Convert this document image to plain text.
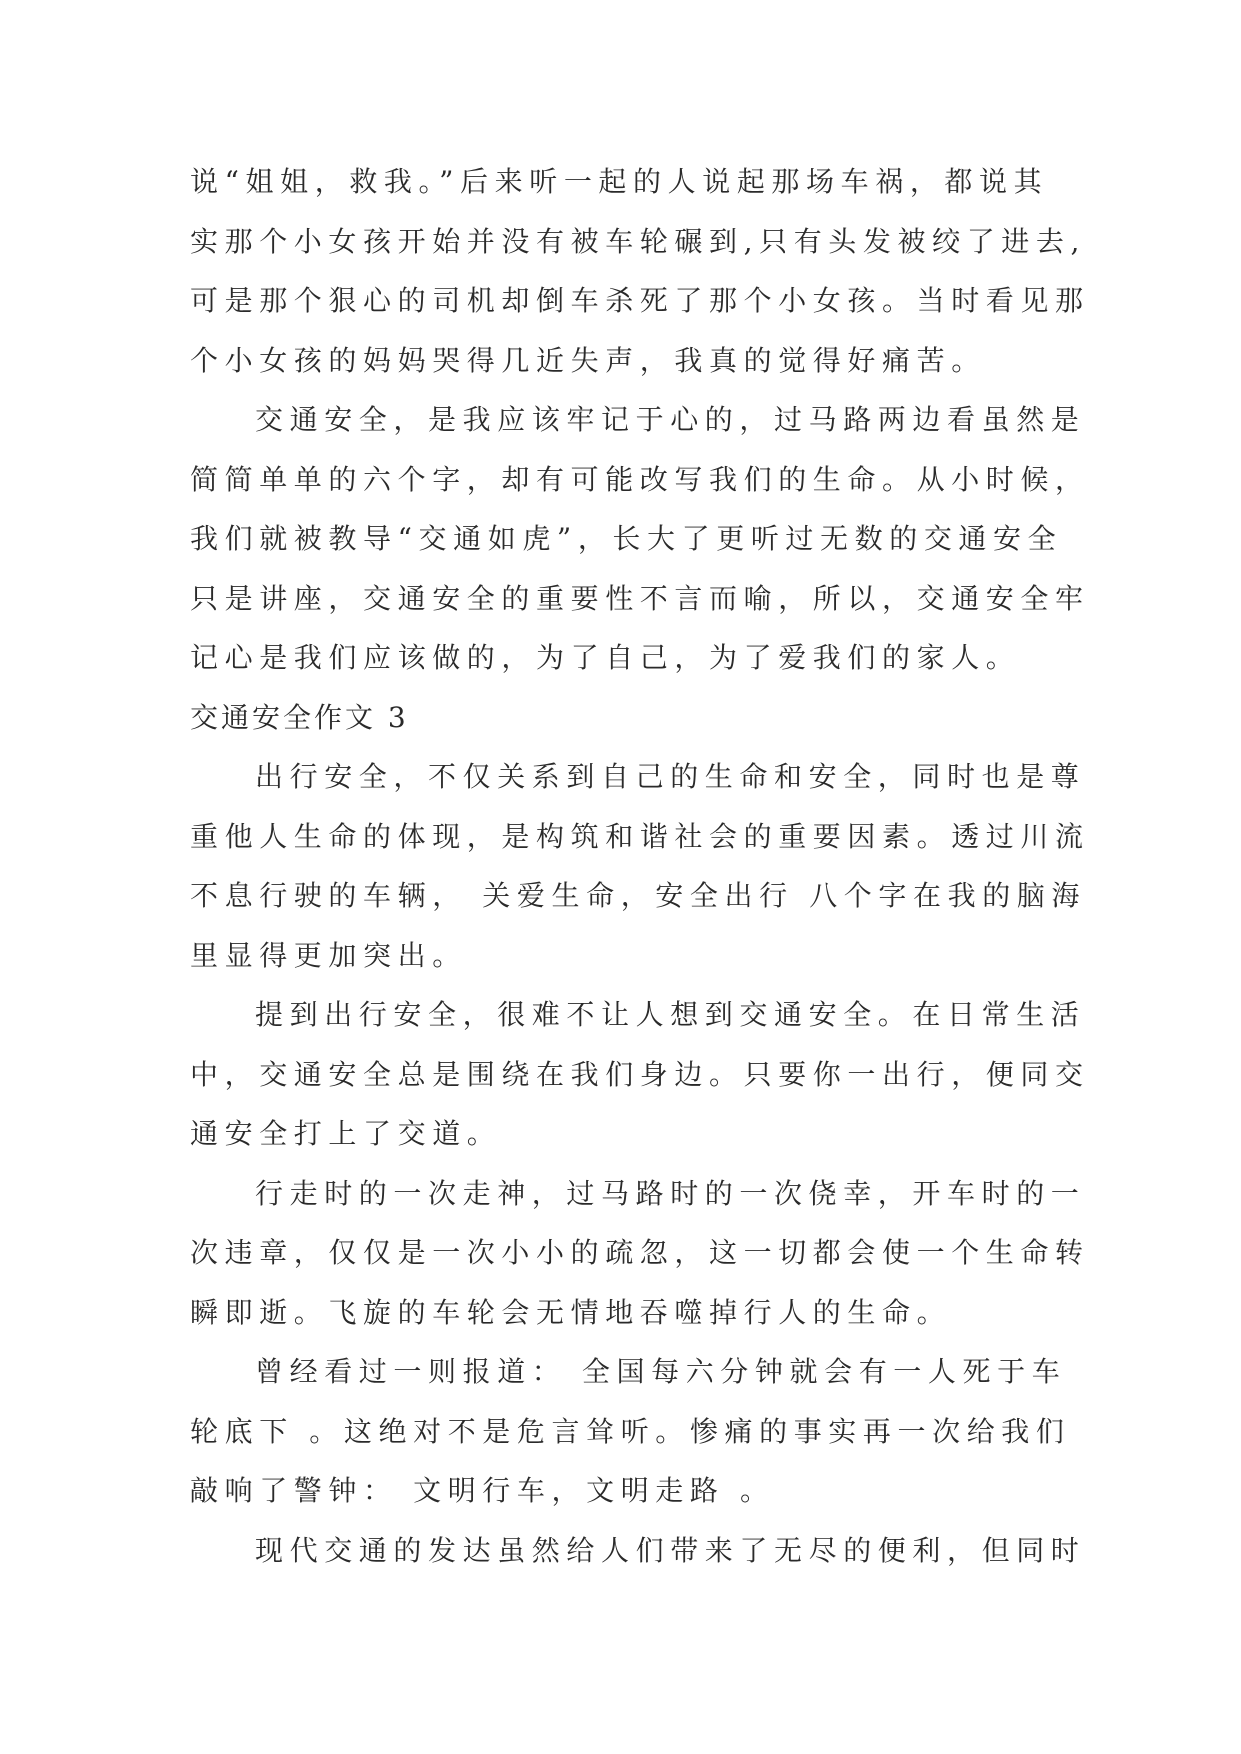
说“姐姐，救我。”后来听一起的人说起那场车祸，都说其
实那个小女孩开始并没有被车轮碾到,只有头发被绞了进去,
可是那个狠心的司机却倒车杀死了那个小女孩。当时看见那
个小女孩的妈妈哭得几近失声，我真的觉得好痛苦。
交通安全，是我应该牢记于心的，过马路两边看虽然是
简简单单的六个字，却有可能改写我们的生命。从小时候，
我们就被教导“交通如虎”，长大了更听过无数的交通安全
只是讲座，交通安全的重要性不言而喻，所以，交通安全牢
记心是我们应该做的，为了自己，为了爱我们的家人。
交通安全作文 3
出行安全，不仅关系到自己的生命和安全，同时也是尊
重他人生命的体现，是构筑和谐社会的重要因素。透过川流
不息行驶的车辆， 关爱生命，安全出行 八个字在我的脑海
里显得更加突出。
提到出行安全，很难不让人想到交通安全。在日常生活
中，交通安全总是围绕在我们身边。只要你一出行，便同交
通安全打上了交道。
行走时的一次走神，过马路时的一次侥幸，开车时的一
次违章，仅仅是一次小小的疏忽，这一切都会使一个生命转
瞬即逝。飞旋的车轮会无情地吞噬掉行人的生命。
曾经看过一则报道： 全国每六分钟就会有一人死于车
轮底下 。这绝对不是危言耸听。惨痛的事实再一次给我们
敲响了警钟： 文明行车，文明走路 。
现代交通的发达虽然给人们带来了无尽的便利，但同时
